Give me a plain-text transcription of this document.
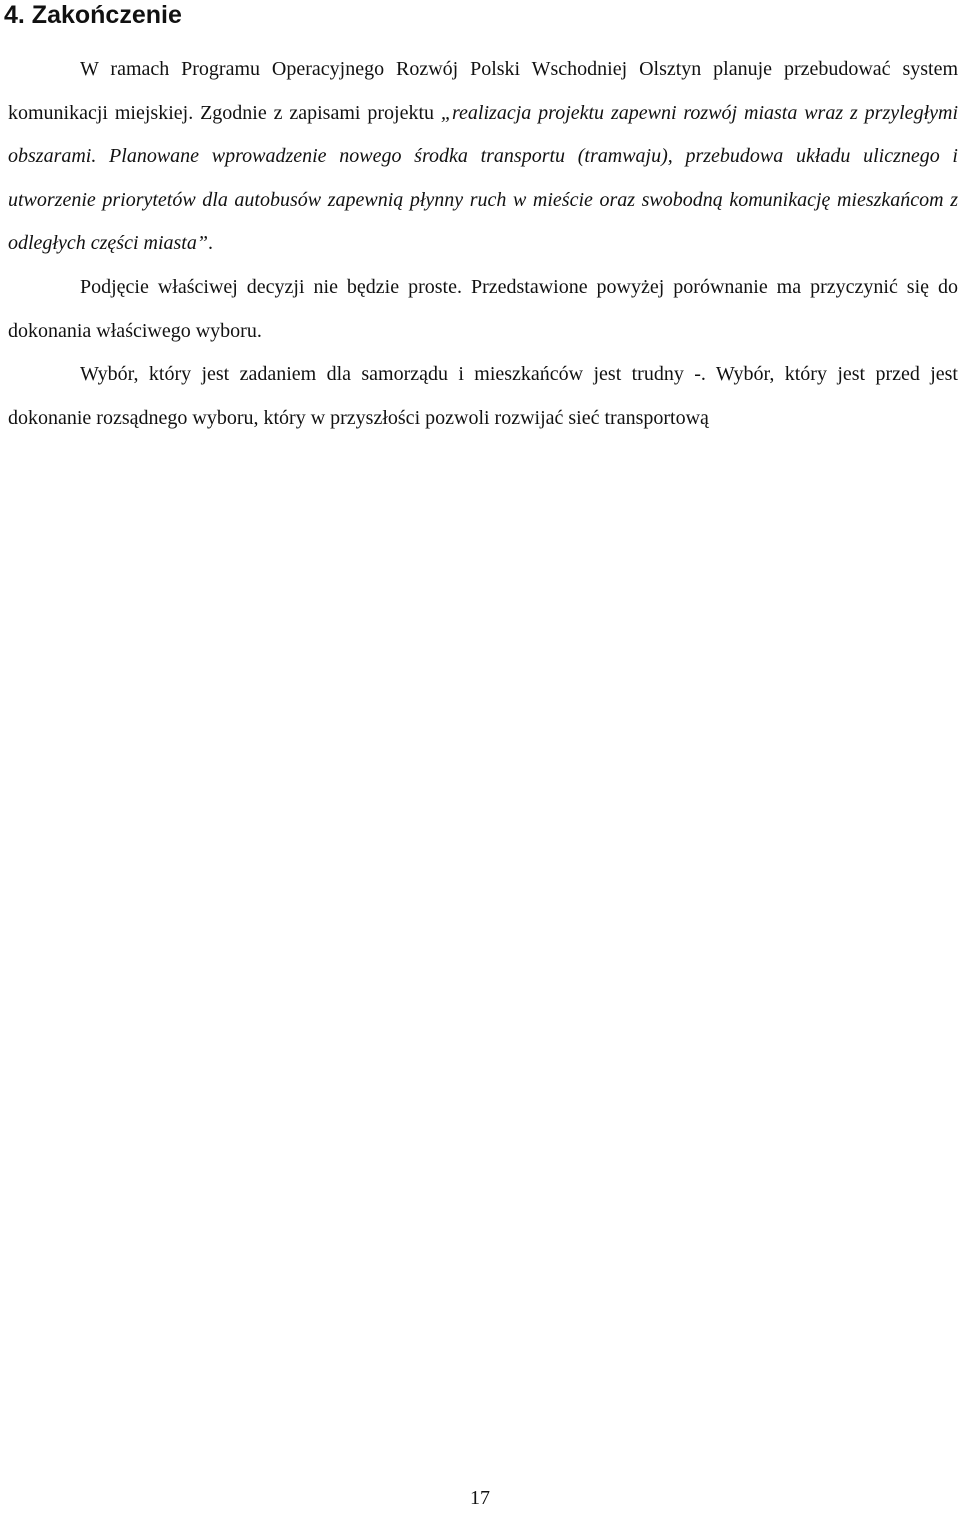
4. Zakończenie

W ramach Programu Operacyjnego Rozwój Polski Wschodniej Olsztyn planuje przebudować system komunikacji miejskiej. Zgodnie z zapisami projektu „realizacja projektu zapewni rozwój miasta wraz z przyległymi obszarami. Planowane wprowadzenie nowego środka transportu (tramwaju), przebudowa układu ulicznego i utworzenie priorytetów dla autobusów zapewnią płynny ruch w mieście oraz swobodną komunikację mieszkańcom z odległych części miasta”.

Podjęcie właściwej decyzji nie będzie proste. Przedstawione powyżej porównanie ma przyczynić się do dokonania właściwego wyboru.

Wybór, który jest zadaniem dla samorządu i mieszkańców jest trudny -. Wybór, który jest przed jest dokonanie rozsądnego wyboru, który w przyszłości pozwoli rozwijać sieć transportową

17
